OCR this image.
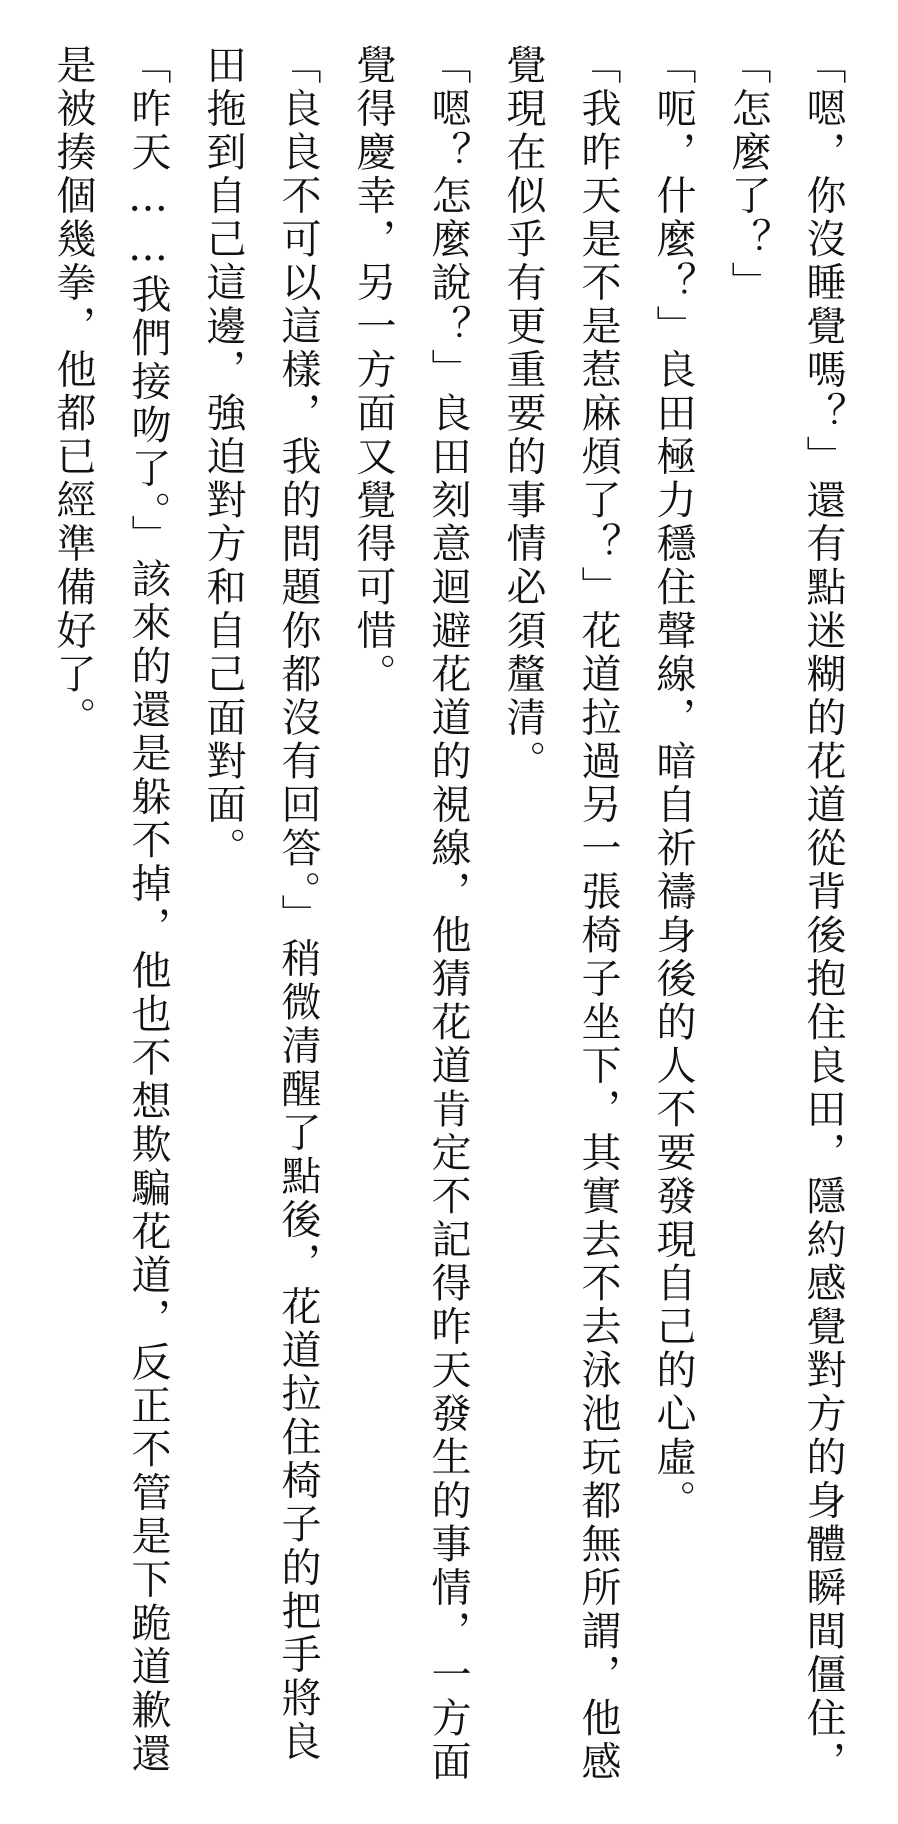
「嗯，你沒睡覺嗎？」還有點迷糊的花道從背後抱住良田，隱約感覺對方的身體瞬間僵住，「怎麼了？」

「呃，什麼？」良田極力穩住聲線，暗自祈禱身後的人不要發現自己的心虛。

「我昨天是不是惹麻煩了？」花道拉過另一張椅子坐下，其實去不去泳池玩都無所謂，他感覺現在似乎有更重要的事情必須釐清。

「嗯？怎麼說？」良田刻意迴避花道的視線，他猜花道肯定不記得昨天發生的事情，一方面覺得慶幸，另一方面又覺得可惜。

「良良不可以這樣，我的問題你都沒有回答。」稍微清醒了點後，花道拉住椅子的把手將良田拖到自己這邊，強迫對方和自己面對面。

「昨天……我們接吻了。」該來的還是躲不掉，他也不想欺騙花道，反正不管是下跪道歉還是被揍個幾拳，他都已經準備好了。
